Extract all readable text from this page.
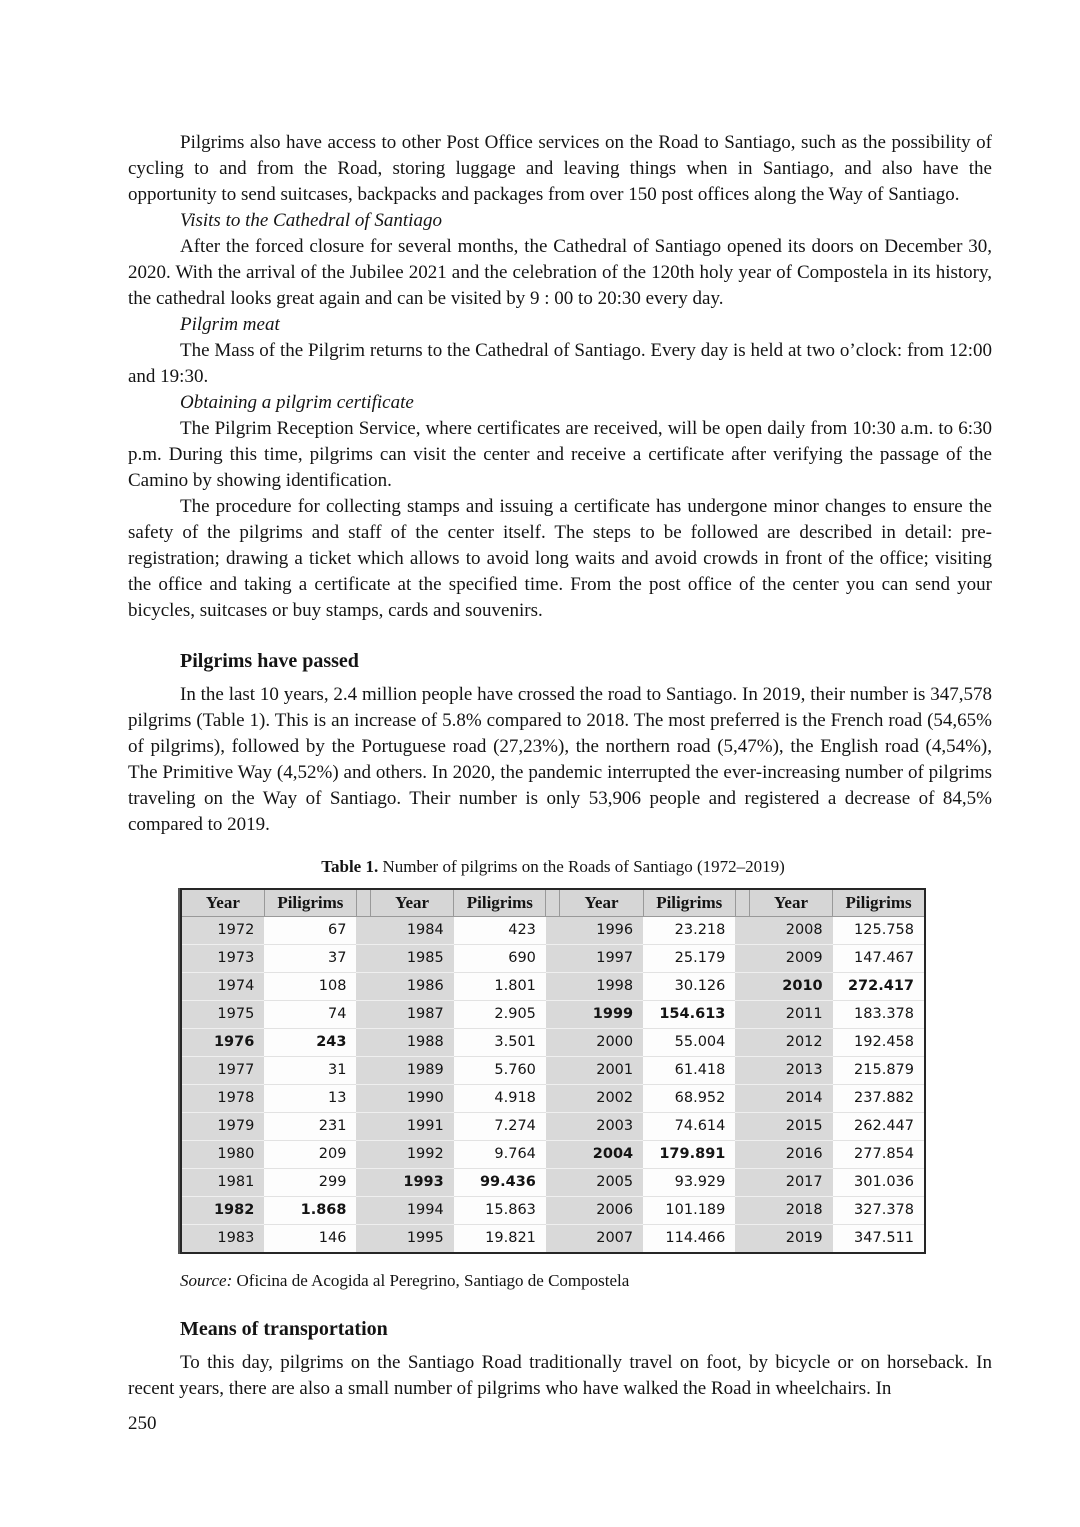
Pilgrims also have access to other Post Office services on the Road to Santiago, such as the possibility of cycling to and from the Road, storing luggage and leaving things when in Santiago, and also have the opportunity to send suitcases, backpacks and packages from over 150 post offices along the Way of Santiago.

Visits to the Cathedral of Santiago

After the forced closure for several months, the Cathedral of Santiago opened its doors on December 30, 2020. With the arrival of the Jubilee 2021 and the celebration of the 120th holy year of Compostela in its history, the cathedral looks great again and can be visited by 9 : 00 to 20:30 every day.

Pilgrim meat

The Mass of the Pilgrim returns to the Cathedral of Santiago. Every day is held at two o’clock: from 12:00 and 19:30.

Obtaining a pilgrim certificate

The Pilgrim Reception Service, where certificates are received, will be open daily from 10:30 a.m. to 6:30 p.m. During this time, pilgrims can visit the center and receive a certificate after verifying the passage of the Camino by showing identification.

The procedure for collecting stamps and issuing a certificate has undergone minor changes to ensure the safety of the pilgrims and staff of the center itself. The steps to be followed are described in detail: pre-registration; drawing a ticket which allows to avoid long waits and avoid crowds in front of the office; visiting the office and taking a certificate at the specified time. From the post office of the center you can send your bicycles, suitcases or buy stamps, cards and souvenirs.

Pilgrims have passed

In the last 10 years, 2.4 million people have crossed the road to Santiago. In 2019, their number is 347,578 pilgrims (Table 1). This is an increase of 5.8% compared to 2018. The most preferred is the French road (54,65% of pilgrims), followed by the Portuguese road (27,23%), the northern road (5,47%), the English road (4,54%), The Primitive Way (4,52%) and others. In 2020, the pandemic interrupted the ever-increasing number of pilgrims traveling on the Way of Santiago. Their number is only 53,906 people and registered a decrease of 84,5% compared to 2019.

Table 1. Number of pilgrims on the Roads of Santiago (1972–2019)
Year	Piligrims		Year	Piligrims		Year	Piligrims		Year	Piligrims
1972	67		1984	423		1996	23.218		2008	125.758
1973	37		1985	690		1997	25.179		2009	147.467
1974	108		1986	1.801		1998	30.126		2010	272.417
1975	74		1987	2.905		1999	154.613		2011	183.378
1976	243		1988	3.501		2000	55.004		2012	192.458
1977	31		1989	5.760		2001	61.418		2013	215.879
1978	13		1990	4.918		2002	68.952		2014	237.882
1979	231		1991	7.274		2003	74.614		2015	262.447
1980	209		1992	9.764		2004	179.891		2016	277.854
1981	299		1993	99.436		2005	93.929		2017	301.036
1982	1.868		1994	15.863		2006	101.189		2018	327.378
1983	146		1995	19.821		2007	114.466		2019	347.511
Source: Oficina de Acogida al Peregrino, Santiago de Compostela
Means of transportation

To this day, pilgrims on the Santiago Road traditionally travel on foot, by bicycle or on horseback. In recent years, there are also a small number of pilgrims who have walked the Road in wheelchairs. In

250
